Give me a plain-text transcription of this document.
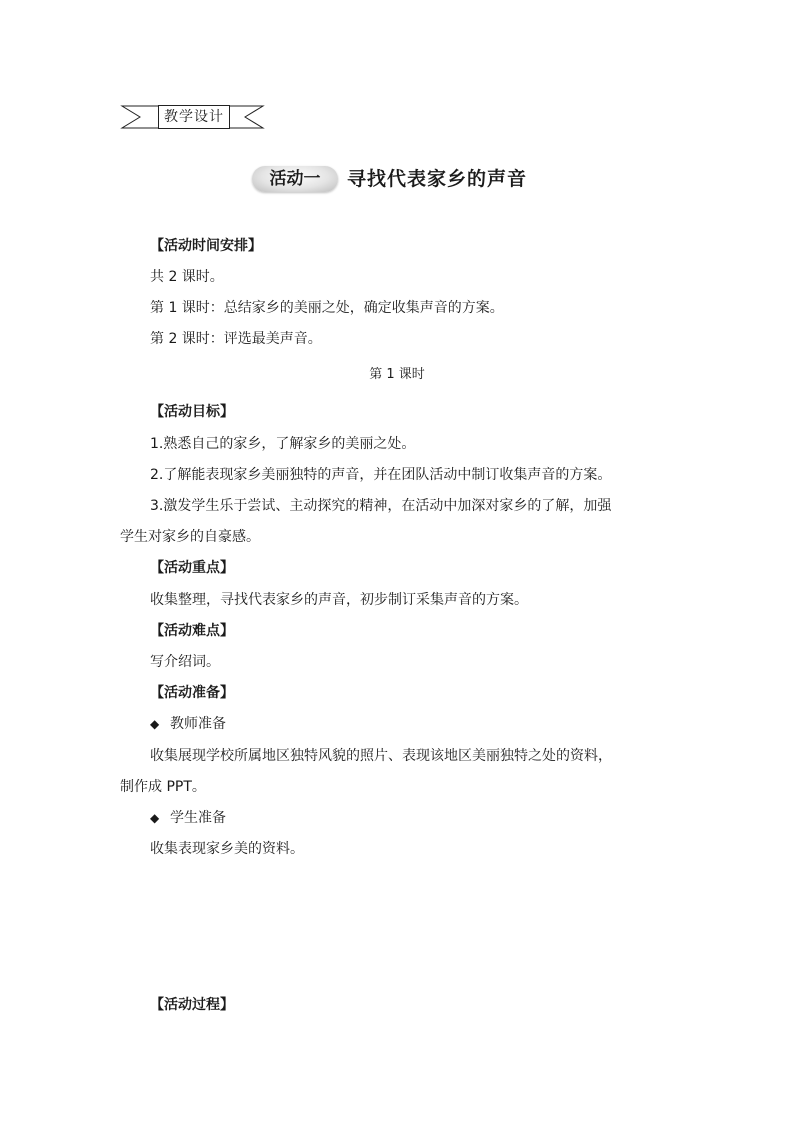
教学设计
活动一	寻找代表家乡的声音
【活动时间安排】
共 2 课时。
第 1 课时：总结家乡的美丽之处，确定收集声音的方案。
第 2 课时：评选最美声音。
第 1 课时
【活动目标】
1.熟悉自己的家乡，了解家乡的美丽之处。
2.了解能表现家乡美丽独特的声音，并在团队活动中制订收集声音的方案。
3.激发学生乐于尝试、主动探究的精神，在活动中加深对家乡的了解，加强
学生对家乡的自豪感。
【活动重点】
收集整理，寻找代表家乡的声音，初步制订采集声音的方案。
【活动难点】
写介绍词。
【活动准备】
◆ 教师准备
收集展现学校所属地区独特风貌的照片、表现该地区美丽独特之处的资料，
制作成 PPT。
◆ 学生准备
收集表现家乡美的资料。
【活动过程】
